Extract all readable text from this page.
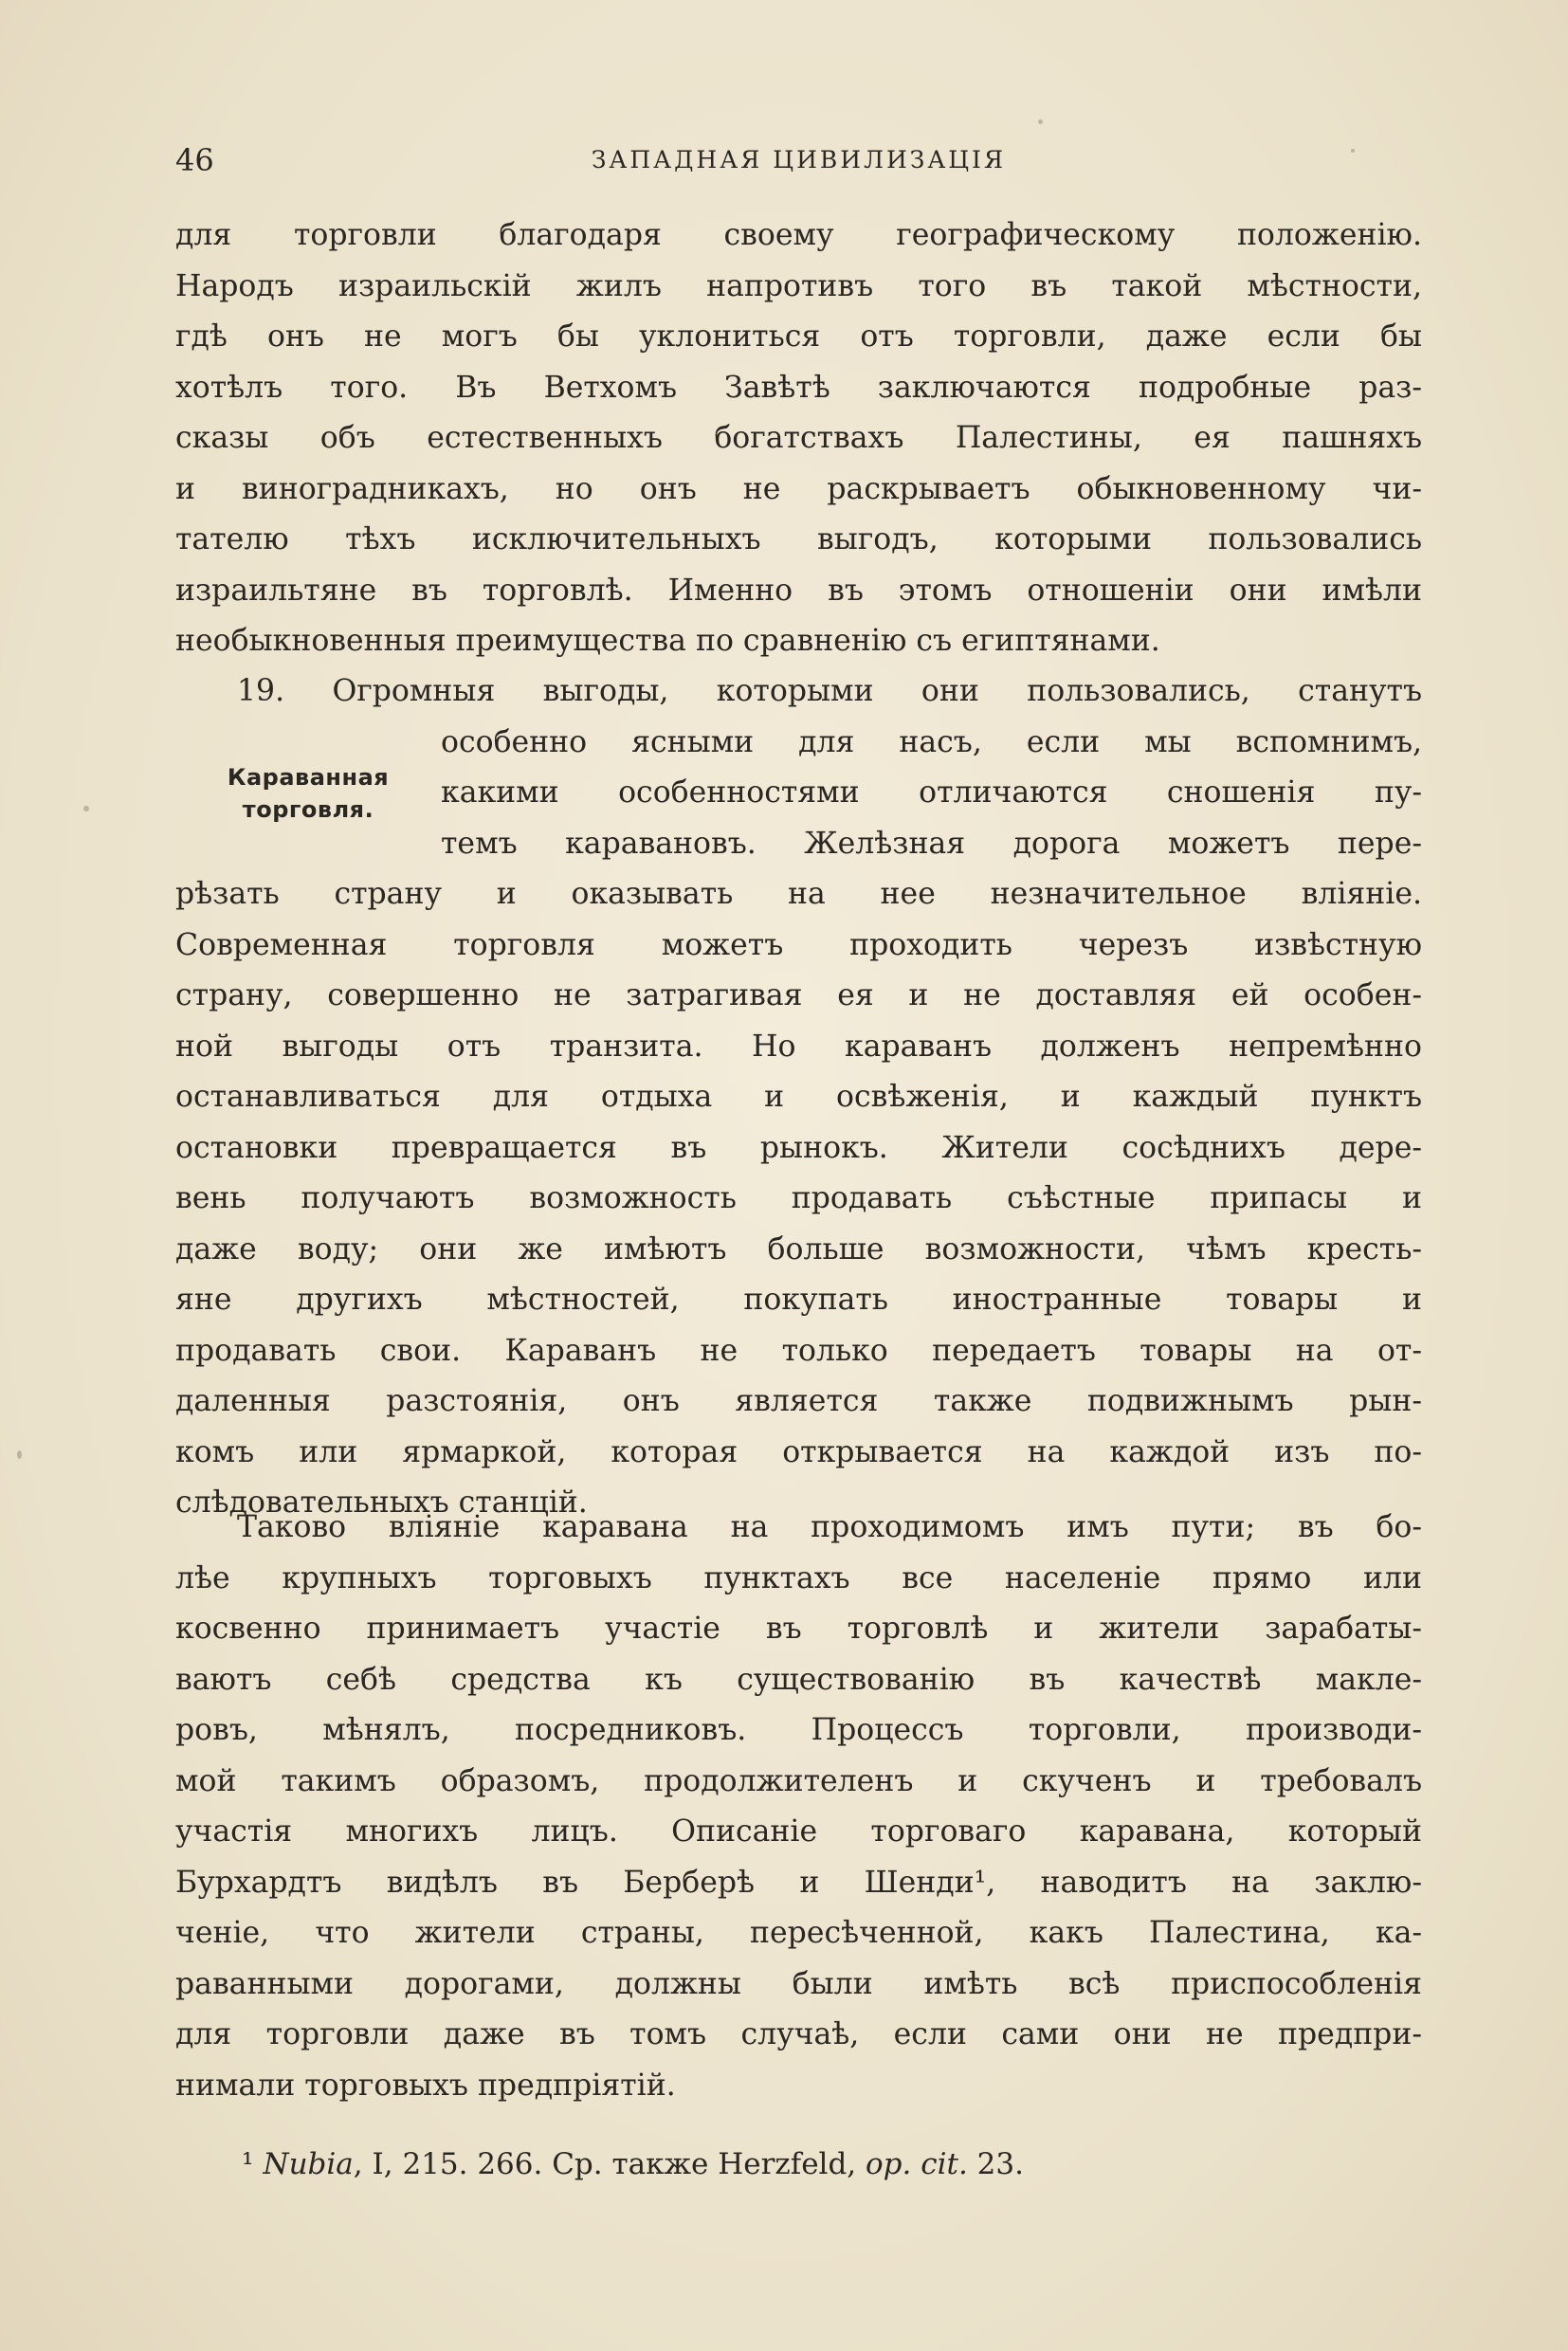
46	ЗАПАДНАЯ ЦИВИЛИЗАЦІЯ
для торговли благодаря своему географическому положенію.
Народъ израильскій жилъ напротивъ того въ такой мѣстности,
гдѣ онъ не могъ бы уклониться отъ торговли, даже если бы
хотѣлъ того. Въ Ветхомъ Завѣтѣ заключаются подробные раз-
сказы объ естественныхъ богатствахъ Палестины, ея пашняхъ
и виноградникахъ, но онъ не раскрываетъ обыкновенному чи-
тателю тѣхъ исключительныхъ выгодъ, которыми пользовались
израильтяне въ торговлѣ. Именно въ этомъ отношеніи они имѣли
необыкновенныя преимущества по сравненію съ египтянами.
19. Огромныя выгоды, которыми они пользовались, станутъ
особенно ясными для насъ, если мы вспомнимъ,
какими особенностями отличаются сношенія пу-
темъ каравановъ. Желѣзная дорога можетъ пере-
рѣзать страну и оказывать на нее незначительное вліяніе.
Современная торговля можетъ проходить черезъ извѣстную
страну, совершенно не затрагивая ея и не доставляя ей особен-
ной выгоды отъ транзита. Но караванъ долженъ непремѣнно
останавливаться для отдыха и освѣженія, и каждый пунктъ
остановки превращается въ рынокъ. Жители сосѣднихъ дере-
вень получаютъ возможность продавать съѣстные припасы и
даже воду; они же имѣютъ больше возможности, чѣмъ кресть-
яне другихъ мѣстностей, покупать иностранные товары и
продавать свои. Караванъ не только передаетъ товары на от-
даленныя разстоянія, онъ является также подвижнымъ рын-
комъ или ярмаркой, которая открывается на каждой изъ по-
слѣдовательныхъ станцій.
Караванная
торговля.
Таково вліяніе каравана на проходимомъ имъ пути; въ бо-
лѣе крупныхъ торговыхъ пунктахъ все населеніе прямо или
косвенно принимаетъ участіе въ торговлѣ и жители зарабаты-
ваютъ себѣ средства къ существованію въ качествѣ макле-
ровъ, мѣнялъ, посредниковъ. Процессъ торговли, производи-
мой такимъ образомъ, продолжителенъ и скученъ и требовалъ
участія многихъ лицъ. Описаніе торговаго каравана, который
Бурхардтъ видѣлъ въ Берберѣ и Шенди¹, наводитъ на заклю-
ченіе, что жители страны, пересѣченной, какъ Палестина, ка-
раванными дорогами, должны были имѣть всѣ приспособленія
для торговли даже въ томъ случаѣ, если сами они не предпри-
нимали торговыхъ предпріятій.
¹ Nubia, I, 215. 266. Ср. также Herzfeld, op. cit. 23.
